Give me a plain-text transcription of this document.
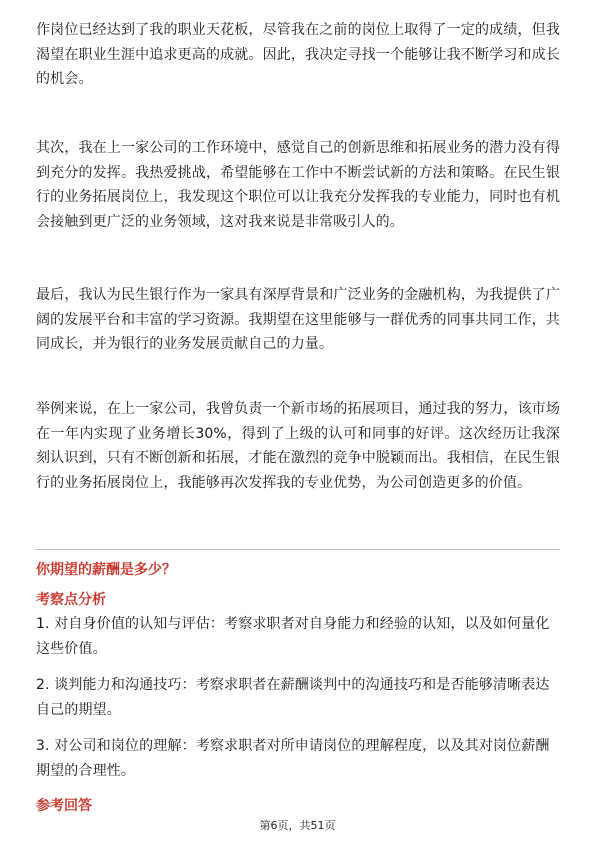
作岗位已经达到了我的职业天花板，尽管我在之前的岗位上取得了一定的成绩，但我渴望在职业生涯中追求更高的成就。因此，我决定寻找一个能够让我不断学习和成长的机会。

其次，我在上一家公司的工作环境中，感觉自己的创新思维和拓展业务的潜力没有得到充分的发挥。我热爱挑战，希望能够在工作中不断尝试新的方法和策略。在民生银行的业务拓展岗位上，我发现这个职位可以让我充分发挥我的专业能力，同时也有机会接触到更广泛的业务领域，这对我来说是非常吸引人的。

最后，我认为民生银行作为一家具有深厚背景和广泛业务的金融机构，为我提供了广阔的发展平台和丰富的学习资源。我期望在这里能够与一群优秀的同事共同工作，共同成长，并为银行的业务发展贡献自己的力量。

举例来说，在上一家公司，我曾负责一个新市场的拓展项目，通过我的努力，该市场在一年内实现了业务增长30%，得到了上级的认可和同事的好评。这次经历让我深刻认识到，只有不断创新和拓展，才能在激烈的竞争中脱颖而出。我相信，在民生银行的业务拓展岗位上，我能够再次发挥我的专业优势，为公司创造更多的价值。

你期望的薪酬是多少？

考察点分析

1. 对自身价值的认知与评估：考察求职者对自身能力和经验的认知，以及如何量化这些价值。

2. 谈判能力和沟通技巧：考察求职者在薪酬谈判中的沟通技巧和是否能够清晰表达自己的期望。

3. 对公司和岗位的理解：考察求职者对所申请岗位的理解程度，以及其对岗位薪酬期望的合理性。

参考回答

第6页，共51页
